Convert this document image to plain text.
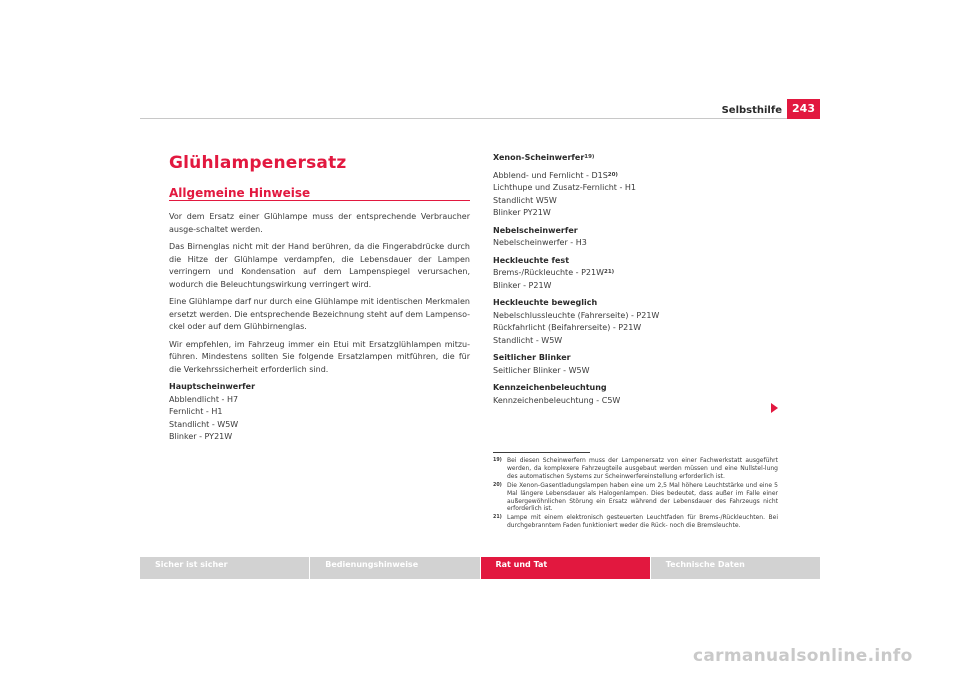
Selbsthilfe 243
Glühlampenersatz
Allgemeine Hinweise

Vor dem Ersatz einer Glühlampe muss der entsprechende Verbraucher ausge-schaltet werden.

Das Birnenglas nicht mit der Hand berühren, da die Fingerabdrücke durch die Hitze der Glühlampe verdampfen, die Lebensdauer der Lampen verringern und Kondensation auf dem Lampenspiegel verursachen, wodurch die Beleuchtungswirkung verringert wird.

Eine Glühlampe darf nur durch eine Glühlampe mit identischen Merkmalen ersetzt werden. Die entsprechende Bezeichnung steht auf dem Lampenso-ckel oder auf dem Glühbirnenglas.

Wir empfehlen, im Fahrzeug immer ein Etui mit Ersatzglühlampen mitzu-führen. Mindestens sollten Sie folgende Ersatzlampen mitführen, die für die Verkehrssicherheit erforderlich sind.

Hauptscheinwerfer

Abblendlicht - H7

Fernlicht - H1

Standlicht - W5W

Blinker - PY21W

Xenon-Scheinwerfer$^{19)}$

Abblend- und Fernlicht - $D1S^{20)}$

Lichthupe und Zusatz-Fernlicht - H1

Standlicht W5W

Blinker PY21W

Nebelscheinwerfer

Nebelscheinwerfer - H3

Heckleuchte fest

Brems-/Rückleuchte - $P21W^{21)}$

Blinker - P21W

Heckleuchte beweglich

Nebelschlussleuchte (Fahrerseite) - P21W

Rückfahrlicht (Beifahrerseite) - P21W

Standlicht - W5W

Seitlicher Blinker

Seitlicher Blinker - W5W

Kennzeichenbeleuchtung

Kennzeichenbeleuchtung - C5W

19) Bei diesen Scheinwerfern muss der Lampenersatz von einer Fachwerkstatt ausgeführt werden, da komplexere Fahrzeugteile ausgebaut werden müssen und eine Nullstel-lung des automatischen Systems zur Scheinwerfereinstellung erforderlich ist.
20) Die Xenon-Gasentladungslampen haben eine um 2,5 Mal höhere Leuchtstärke und eine 5 Mal längere Lebensdauer als Halogenlampen. Dies bedeutet, dass außer im Falle einer außergewöhnlichen Störung ein Ersatz während der Lebensdauer des Fahrzeugs nicht erforderlich ist.
21) Lampe mit einem elektronisch gesteuerten Leuchtfaden für Brems-/Rückleuchten. Bei durchgebranntem Faden funktioniert weder die Rück- noch die Bremsleuchte.
Sicher ist sicher	Bedienungshinweise	Rat und Tat	Technische Daten
carmanualsonline.info
